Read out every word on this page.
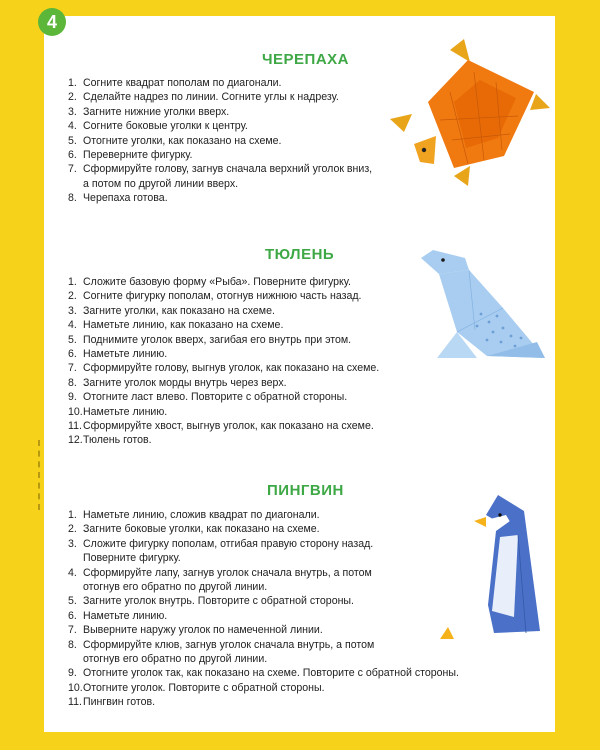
4
ЧЕРЕПАХА
1. Согните квадрат пополам по диагонали.
2. Сделайте надрез по линии. Согните углы к надрезу.
3. Загните нижние уголки вверх.
4. Согните боковые уголки к центру.
5. Отогните уголки, как показано на схеме.
6. Переверните фигурку.
7. Сформируйте голову, загнув сначала верхний уголок вниз,
а потом по другой линии вверх.
8. Черепаха готова.
ТЮЛЕНЬ
1. Сложите базовую форму «Рыба». Поверните фигурку.
2. Согните фигурку пополам, отогнув нижнюю часть назад.
3. Загните уголки, как показано на схеме.
4. Наметьте линию, как показано на схеме.
5. Поднимите уголок вверх, загибая его внутрь при этом.
6. Наметьте линию.
7. Сформируйте голову, выгнув уголок, как показано на схеме.
8. Загните уголок морды внутрь через верх.
9. Отогните ласт влево. Повторите с обратной стороны.
10.Наметьте линию.
11.Сформируйте хвост, выгнув уголок, как показано на схеме.
12.Тюлень готов.
ПИНГВИН
1. Наметьте линию, сложив квадрат по диагонали.
2. Загните боковые уголки, как показано на схеме.
3. Сложите фигурку пополам, отгибая правую сторону назад.
Поверните фигурку.
4. Сформируйте лапу, загнув уголок сначала внутрь, а потом
отогнув его обратно по другой линии.
5. Загните уголок внутрь. Повторите с обратной стороны.
6. Наметьте линию.
7. Выверните наружу уголок по намеченной линии.
8. Сформируйте клюв, загнув уголок сначала внутрь, а потом
отогнув его обратно по другой линии.
9. Отогните уголок так, как показано на схеме. Повторите с обратной стороны.
10.Отогните уголок. Повторите с обратной стороны.
11.Пингвин готов.
